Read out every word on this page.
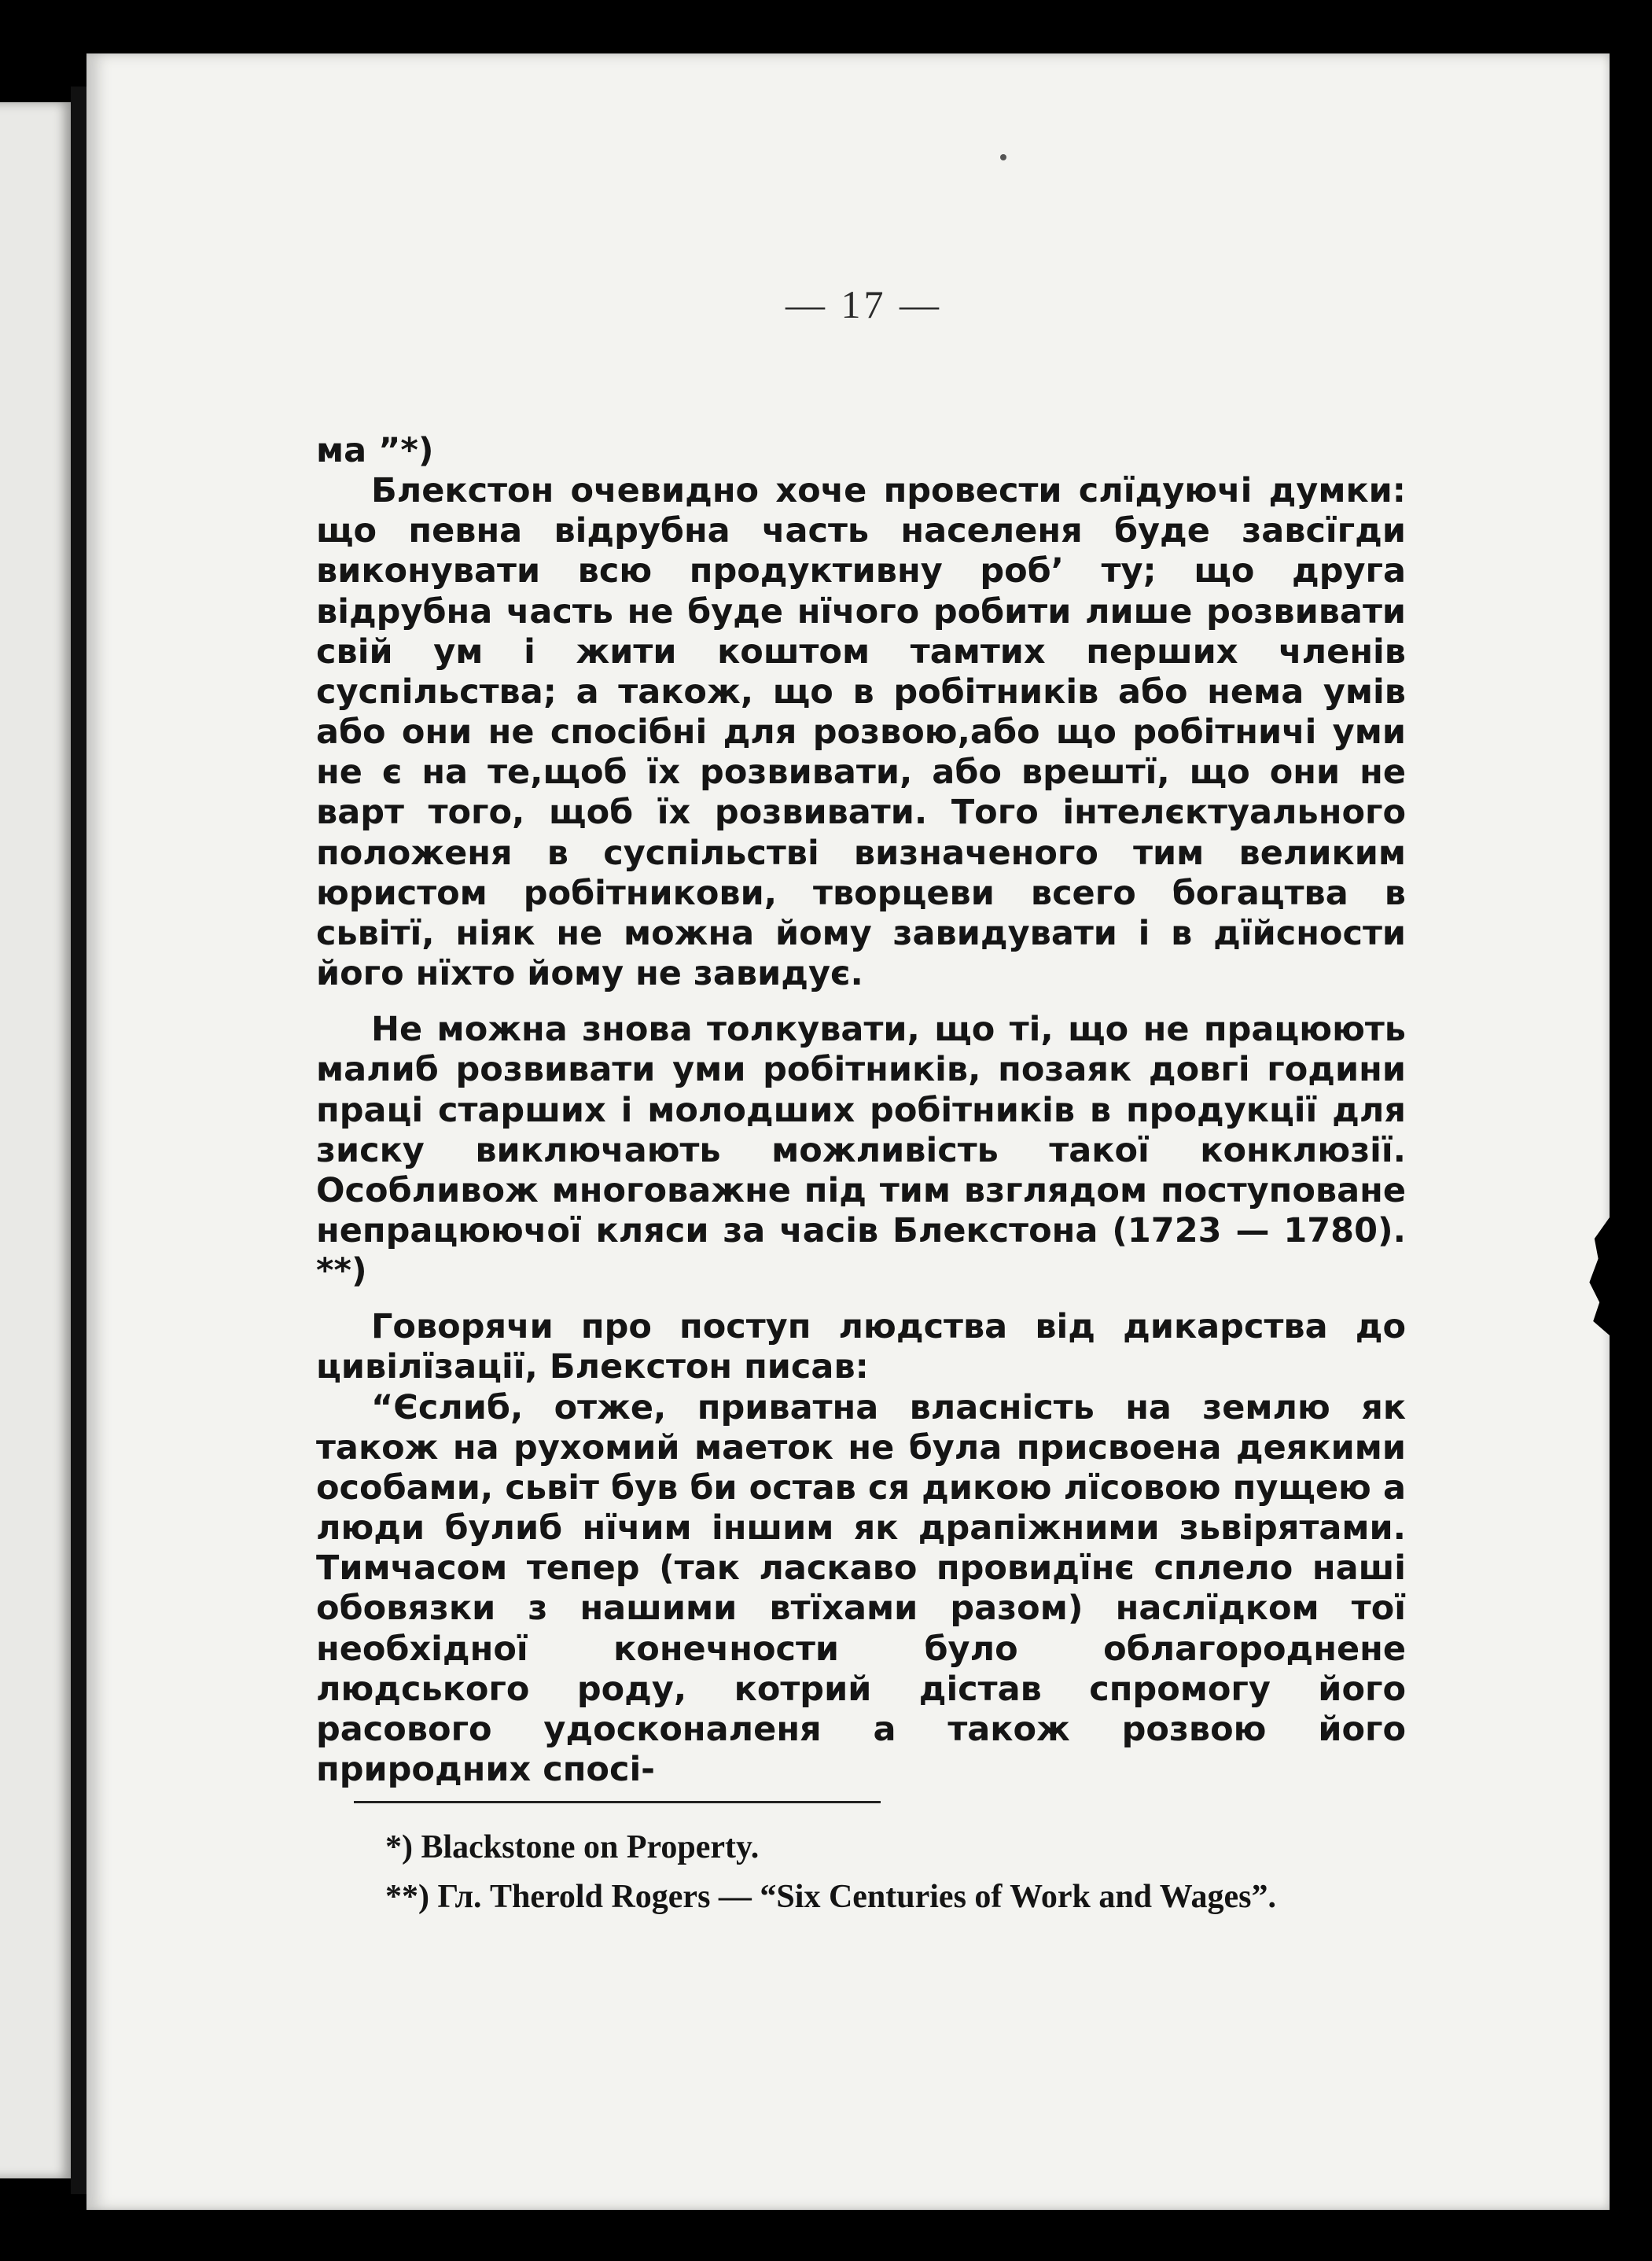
— 17 —

ма ”*)

Блекстон очевидно хоче провести слїдуючі думки: що певна відрубна часть населеня буде завсїгди виконувати всю продуктивну роб’ ту; що друга відрубна часть не буде нїчого робити лише розвивати свій ум і жити коштом тамтих перших членів суспільства; а також, що в робітників або нема умів або они не спосібні для розвою,або що робітничі уми не є на те,щоб їх розвивати, або врештї, що они не варт того, щоб їх розвивати. Того інтелєктуального положеня в суспільстві визначеного тим великим юристом робітникови, творцеви всего богацтва в сьвітї, ніяк не можна йому завидувати і в дїйсности його нїхто йому не завидує.

Не можна знова толкувати, що ті, що не працюють малиб розвивати уми робітників, позаяк довгі години праці старших і молодших робітників в продукції для зиску виключають можливість такої конклюзії. Особливож многоважне під тим взглядом поступоване непрацюючої кляси за часів Блекстона (1723 — 1780). **)

Говорячи про поступ людства від дикарства до цивілїзації, Блекстон писав:

“Єслиб, отже, приватна власність на землю як також на рухомий маеток не була присвоена деякими особами, сьвіт був би остав ся дикою лїсовою пущею а люди булиб нїчим іншим як драпіжними зьвірятами. Тимчасом тепер (так ласкаво провидїнє сплело наші обовязки з нашими втїхами разом) наслїдком тої необхідної конечности було облагороднене людського роду, котрий дістав спромогу його расового удосконаленя а також розвою його природних спосі-

*) Blackstone on Property.

**) Гл. Therold Rogers — “Six Centuries of Work and Wages”.
